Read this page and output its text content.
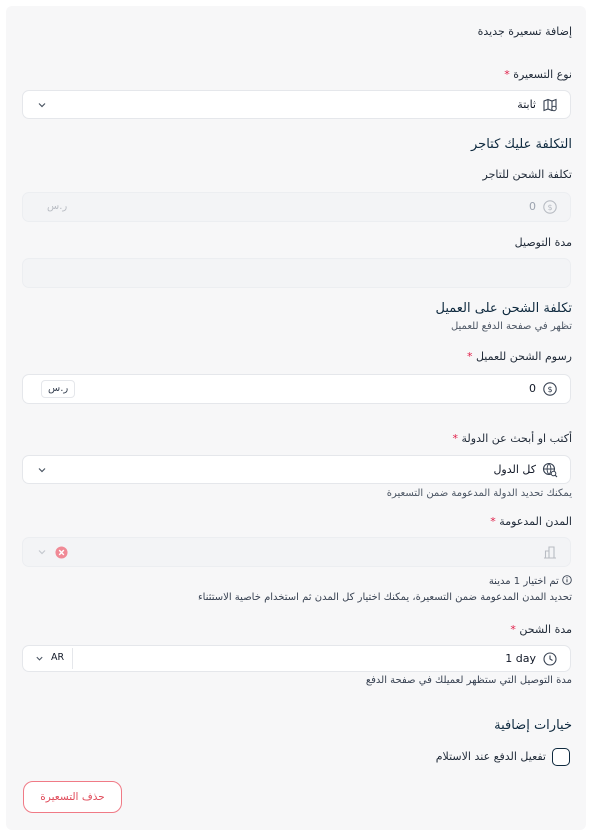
إضافة تسعيرة جديدة
نوع التسعيرة *
ثابتة
التكلفة عليك كتاجر
تكلفة الشحن للتاجر
$
0
ر.س
مدة التوصيل
تكلفة الشحن على العميل
تظهر في صفحة الدفع للعميل
رسوم الشحن للعميل *
$
0
ر.س
أكتب او أبحث عن الدولة *
كل الدول
يمكنك تحديد الدولة المدعومة ضمن التسعيرة
المدن المدعومة *
تم اختيار 1 مدينة
تحديد المدن المدعومة ضمن التسعيرة، يمكنك اختيار كل المدن ثم استخدام خاصية الاستثناء
مدة الشحن *
1 day
AR
مدة التوصيل التي ستظهر لعميلك في صفحة الدفع
خيارات إضافية
تفعيل الدفع عند الاستلام
حذف التسعيرة
